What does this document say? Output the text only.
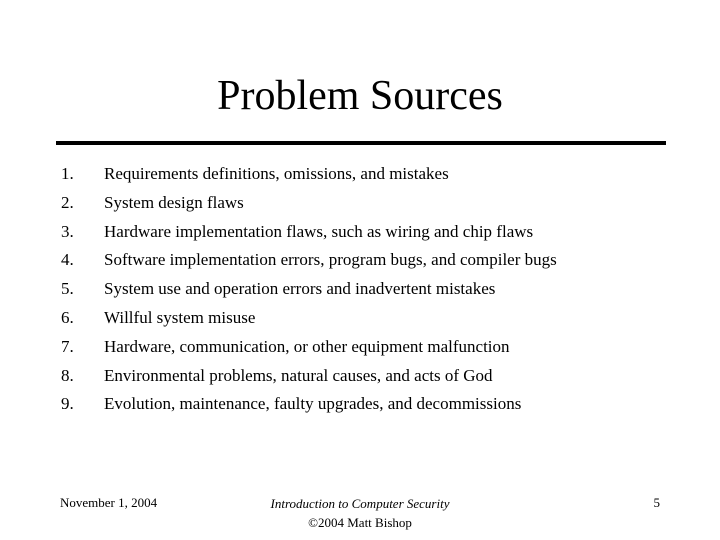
Problem Sources
1. Requirements definitions, omissions, and mistakes
2. System design flaws
3. Hardware implementation flaws, such as wiring and chip flaws
4. Software implementation errors, program bugs, and compiler bugs
5. System use and operation errors and inadvertent mistakes
6. Willful system misuse
7. Hardware, communication, or other equipment malfunction
8. Environmental problems, natural causes, and acts of God
9. Evolution, maintenance, faulty upgrades, and decommissions
November 1, 2004	Introduction to Computer Security
©2004 Matt Bishop
5
